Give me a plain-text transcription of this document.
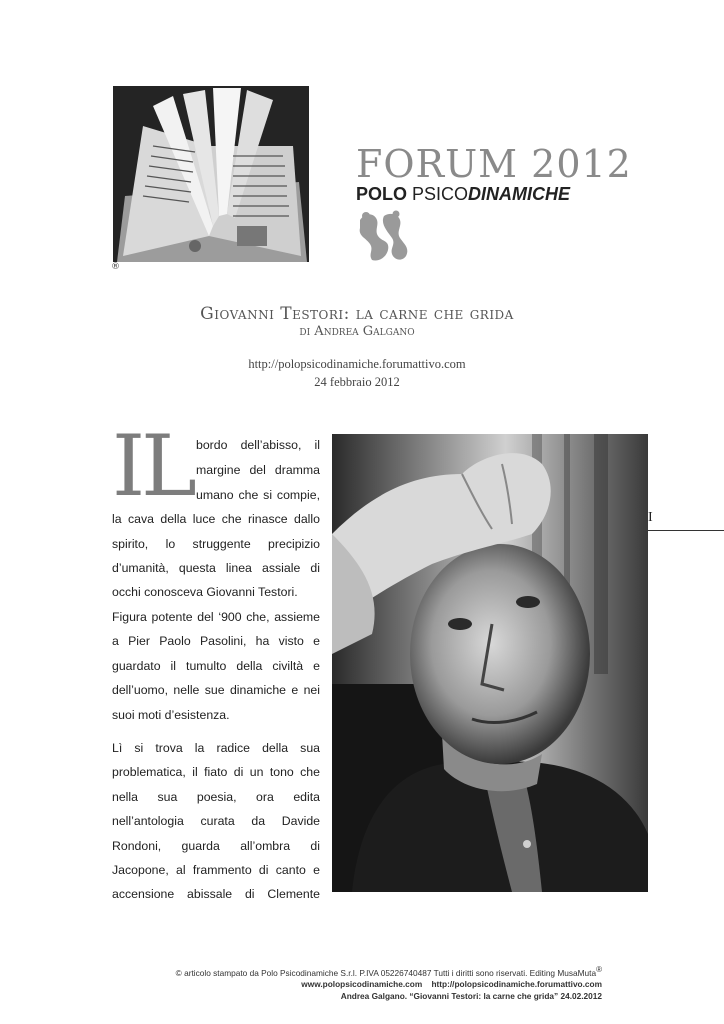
®
FORUM 2012
POLO PSICODINAMICHE
Giovanni Testori: la carne che grida
di Andrea Galgano
http://polopsicodinamiche.forumattivo.com
24 febbraio 2012
IL bordo dell’abisso, il
margine del dramma
umano che si compie,
la cava della luce che rinasce dallo
spirito, lo struggente precipizio
d’umanità, questa linea assiale di
occhi conosceva Giovanni Testori.
Figura potente del ‘900 che, assieme
a Pier Paolo Pasolini, ha visto e
guardato il tumulto della civiltà e
dell’uomo, nelle sue dinamiche e nei
suoi moti d’esistenza.
Lì si trova la radice della sua
problematica, il fiato di un tono che
nella sua poesia, ora edita
nell’antologia curata da Davide
Rondoni, guarda all’ombra di
Jacopone, al frammento di canto e
accensione abissale di Clemente
I
© articolo stampato da Polo Psicodinamiche S.r.l. P.IVA 05226740487 Tutti i diritti sono riservati. Editing MusaMuta®
www.polopsicodinamiche.com    http://polopsicodinamiche.forumattivo.com
Andrea Galgano. “Giovanni Testori: la carne che grida” 24.02.2012
